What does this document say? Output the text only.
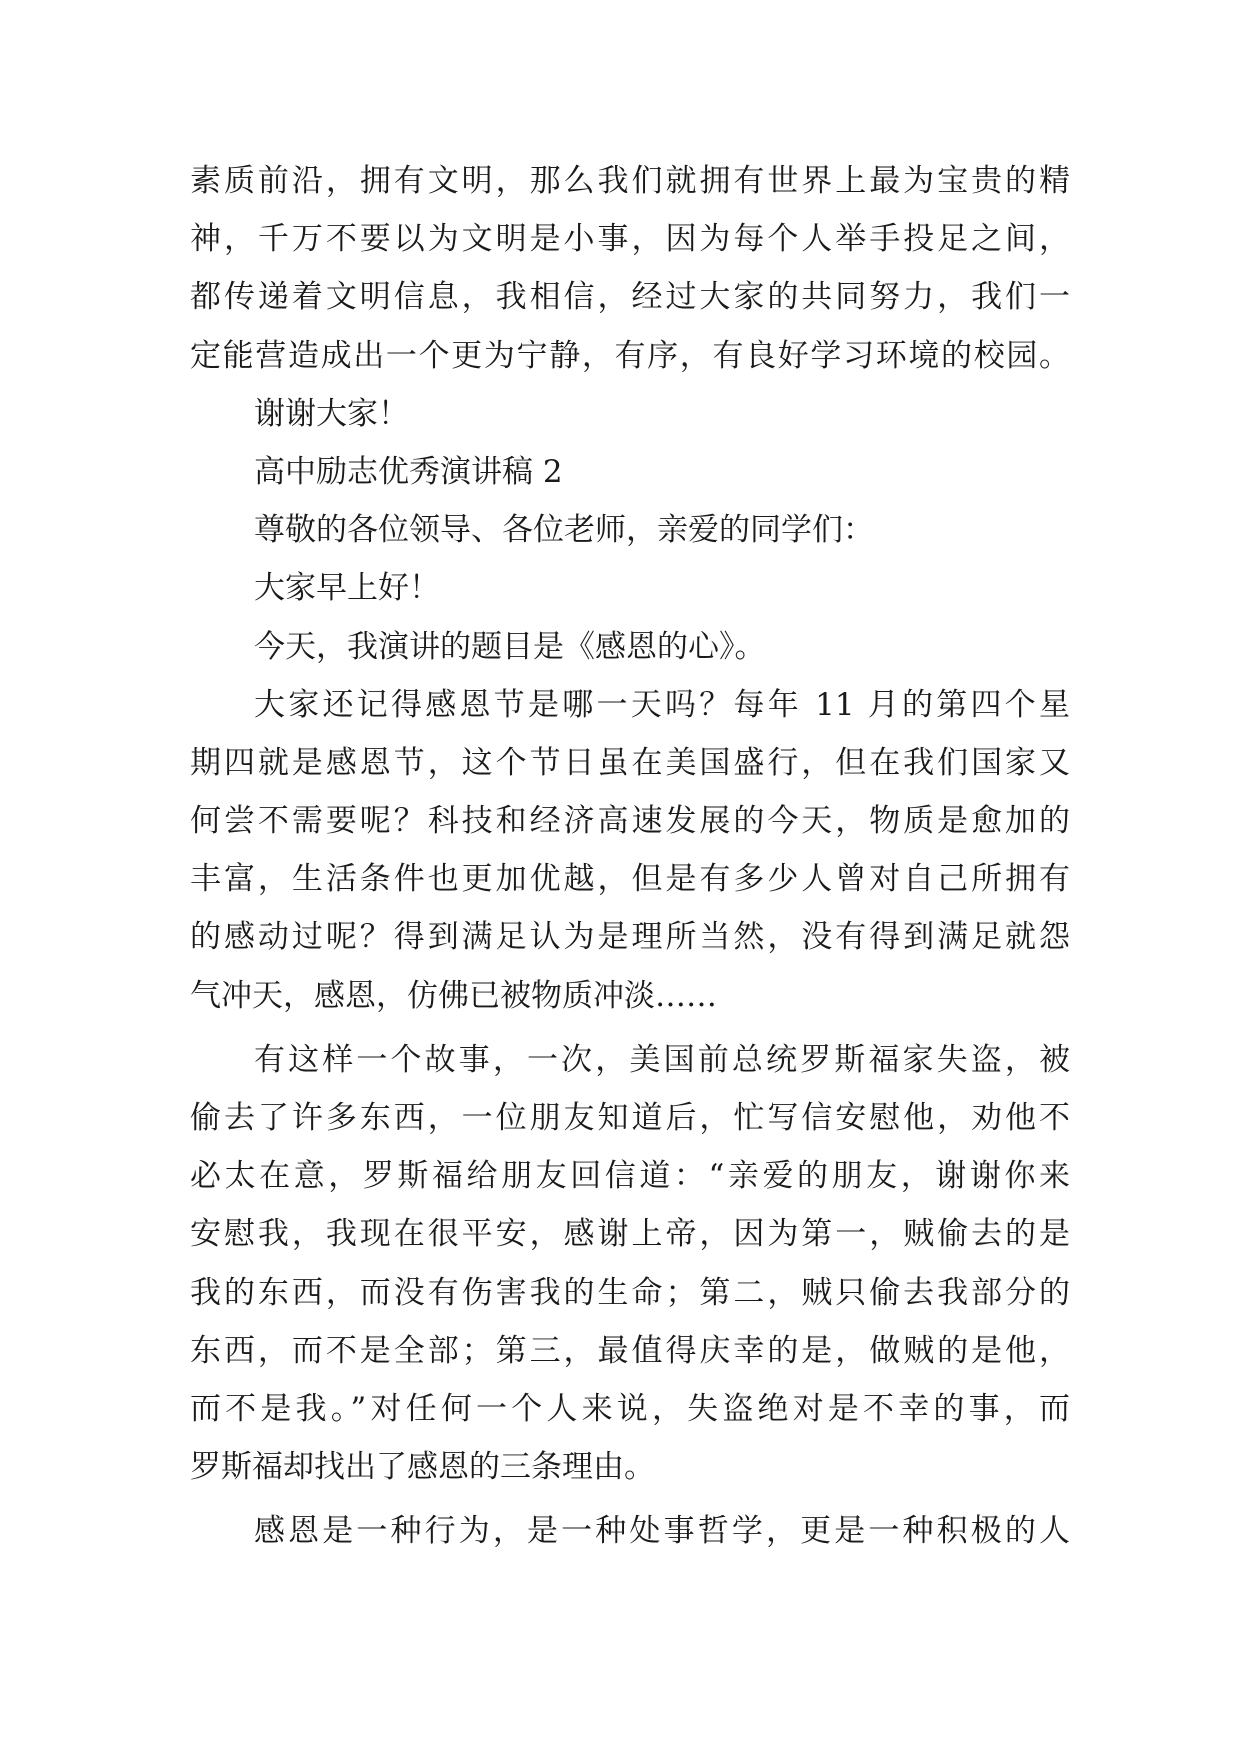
素质前沿，拥有文明，那么我们就拥有世界上最为宝贵的精
神，千万不要以为文明是小事，因为每个人举手投足之间，
都传递着文明信息，我相信，经过大家的共同努力，我们一
定能营造成出一个更为宁静，有序，有良好学习环境的校园。
谢谢大家！
高中励志优秀演讲稿 2
尊敬的各位领导、各位老师，亲爱的同学们：
大家早上好！
今天，我演讲的题目是《感恩的心》。
大家还记得感恩节是哪一天吗？每年 11 月的第四个星
期四就是感恩节，这个节日虽在美国盛行，但在我们国家又
何尝不需要呢？科技和经济高速发展的今天，物质是愈加的
丰富，生活条件也更加优越，但是有多少人曾对自己所拥有
的感动过呢？得到满足认为是理所当然，没有得到满足就怨
气冲天，感恩，仿佛已被物质冲淡……
有这样一个故事，一次，美国前总统罗斯福家失盗，被
偷去了许多东西，一位朋友知道后，忙写信安慰他，劝他不
必太在意，罗斯福给朋友回信道：“亲爱的朋友，谢谢你来
安慰我，我现在很平安，感谢上帝，因为第一，贼偷去的是
我的东西，而没有伤害我的生命；第二，贼只偷去我部分的
东西，而不是全部；第三，最值得庆幸的是，做贼的是他，
而不是我。”对任何一个人来说，失盗绝对是不幸的事，而
罗斯福却找出了感恩的三条理由。
感恩是一种行为，是一种处事哲学，更是一种积极的人
